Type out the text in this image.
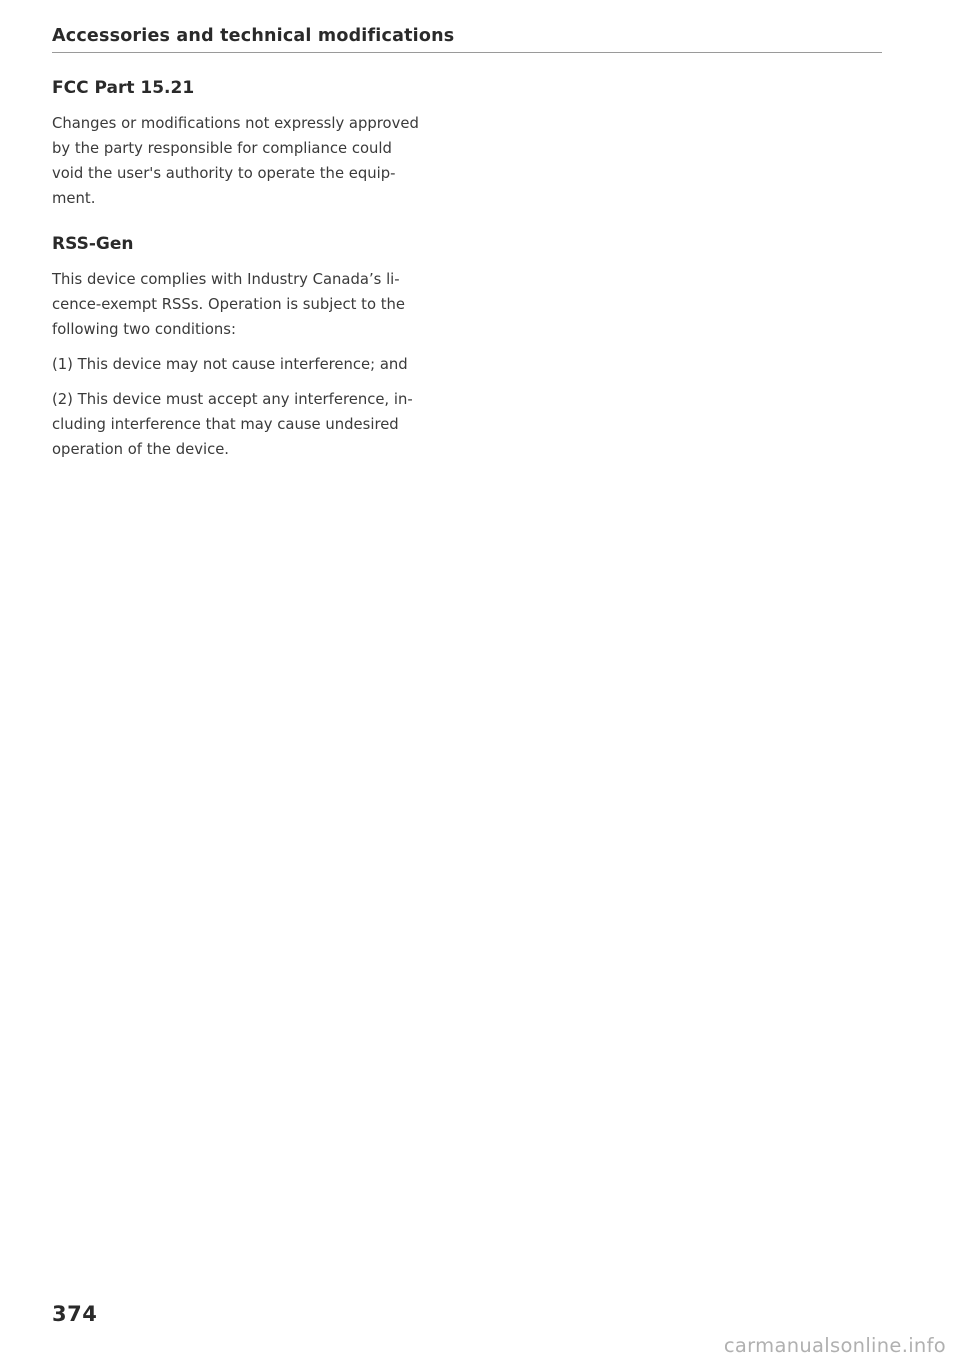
Accessories and technical modifications
FCC Part 15.21

Changes or modifications not expressly approved
by the party responsible for compliance could
void the user's authority to operate the equip-
ment.

RSS-Gen

This device complies with Industry Canada’s li-
cence-exempt RSSs. Operation is subject to the
following two conditions:

(1) This device may not cause interference; and

(2) This device must accept any interference, in-
cluding interference that may cause undesired
operation of the device.

374
carmanualsonline.info
